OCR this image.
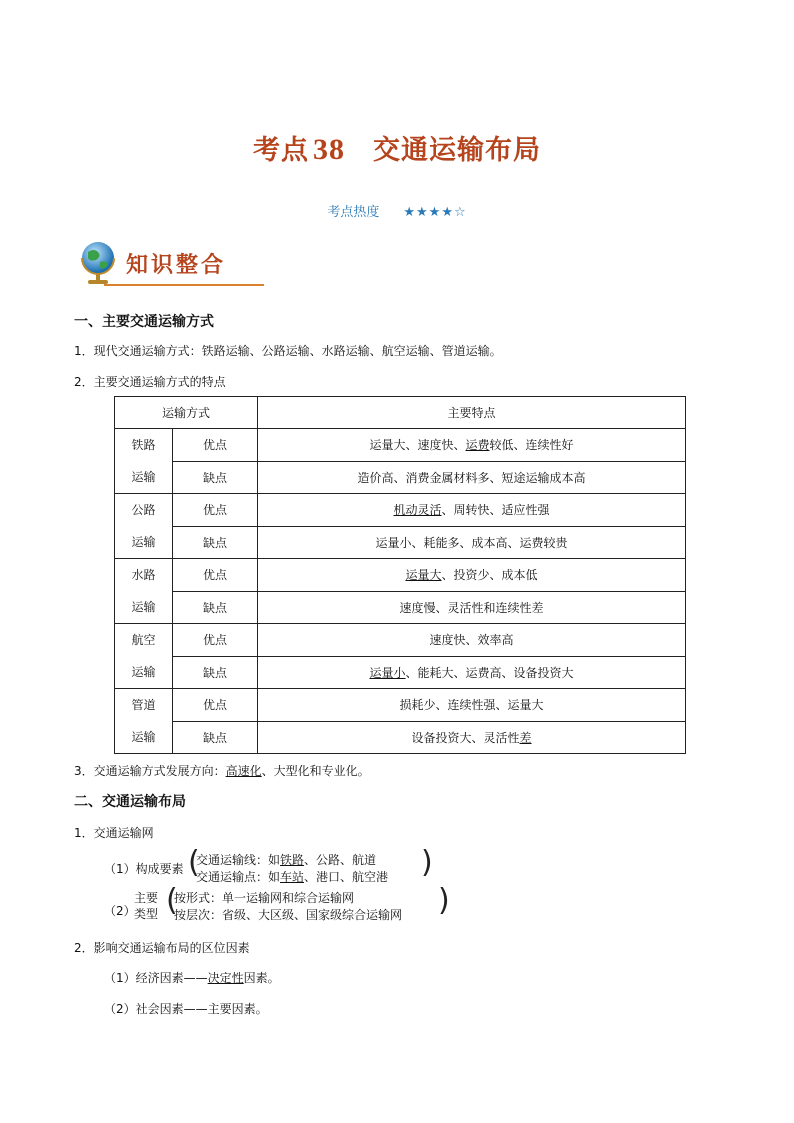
考点 38 交通运输布局
考点热度 ★★★★☆
知识整合
一、主要交通运输方式
1．现代交通运输方式：铁路运输、公路运输、水路运输、航空运输、管道运输。
2．主要交通运输方式的特点
运输方式		主要特点

铁路
运输	优点	运量大、速度快、运费较低、连续性好
	缺点	造价高、消费金属材料多、短途运输成本高

公路
运输	优点	机动灵活、周转快、适应性强
	缺点	运量小、耗能多、成本高、运费较贵

水路
运输	优点	运量大、投资少、成本低
	缺点	速度慢、灵活性和连续性差

航空
运输	优点	速度快、效率高
	缺点	运量小、能耗大、运费高、设备投资大

管道
运输	优点	损耗少、连续性强、运量大
	缺点	设备投资大、灵活性差
3．交通运输方式发展方向：高速化、大型化和专业化。
二、交通运输布局
1．交通运输网
（1）构成要素 (
交通运输线：如铁路、公路、航道
交通运输点：如车站、港口、航空港 )
（2）
主要
类型 (
按形式：单一运输网和综合运输网
按层次：省级、大区级、国家级综合运输网 )
2．影响交通运输布局的区位因素
（1）经济因素——决定性因素。
（2）社会因素——主要因素。
